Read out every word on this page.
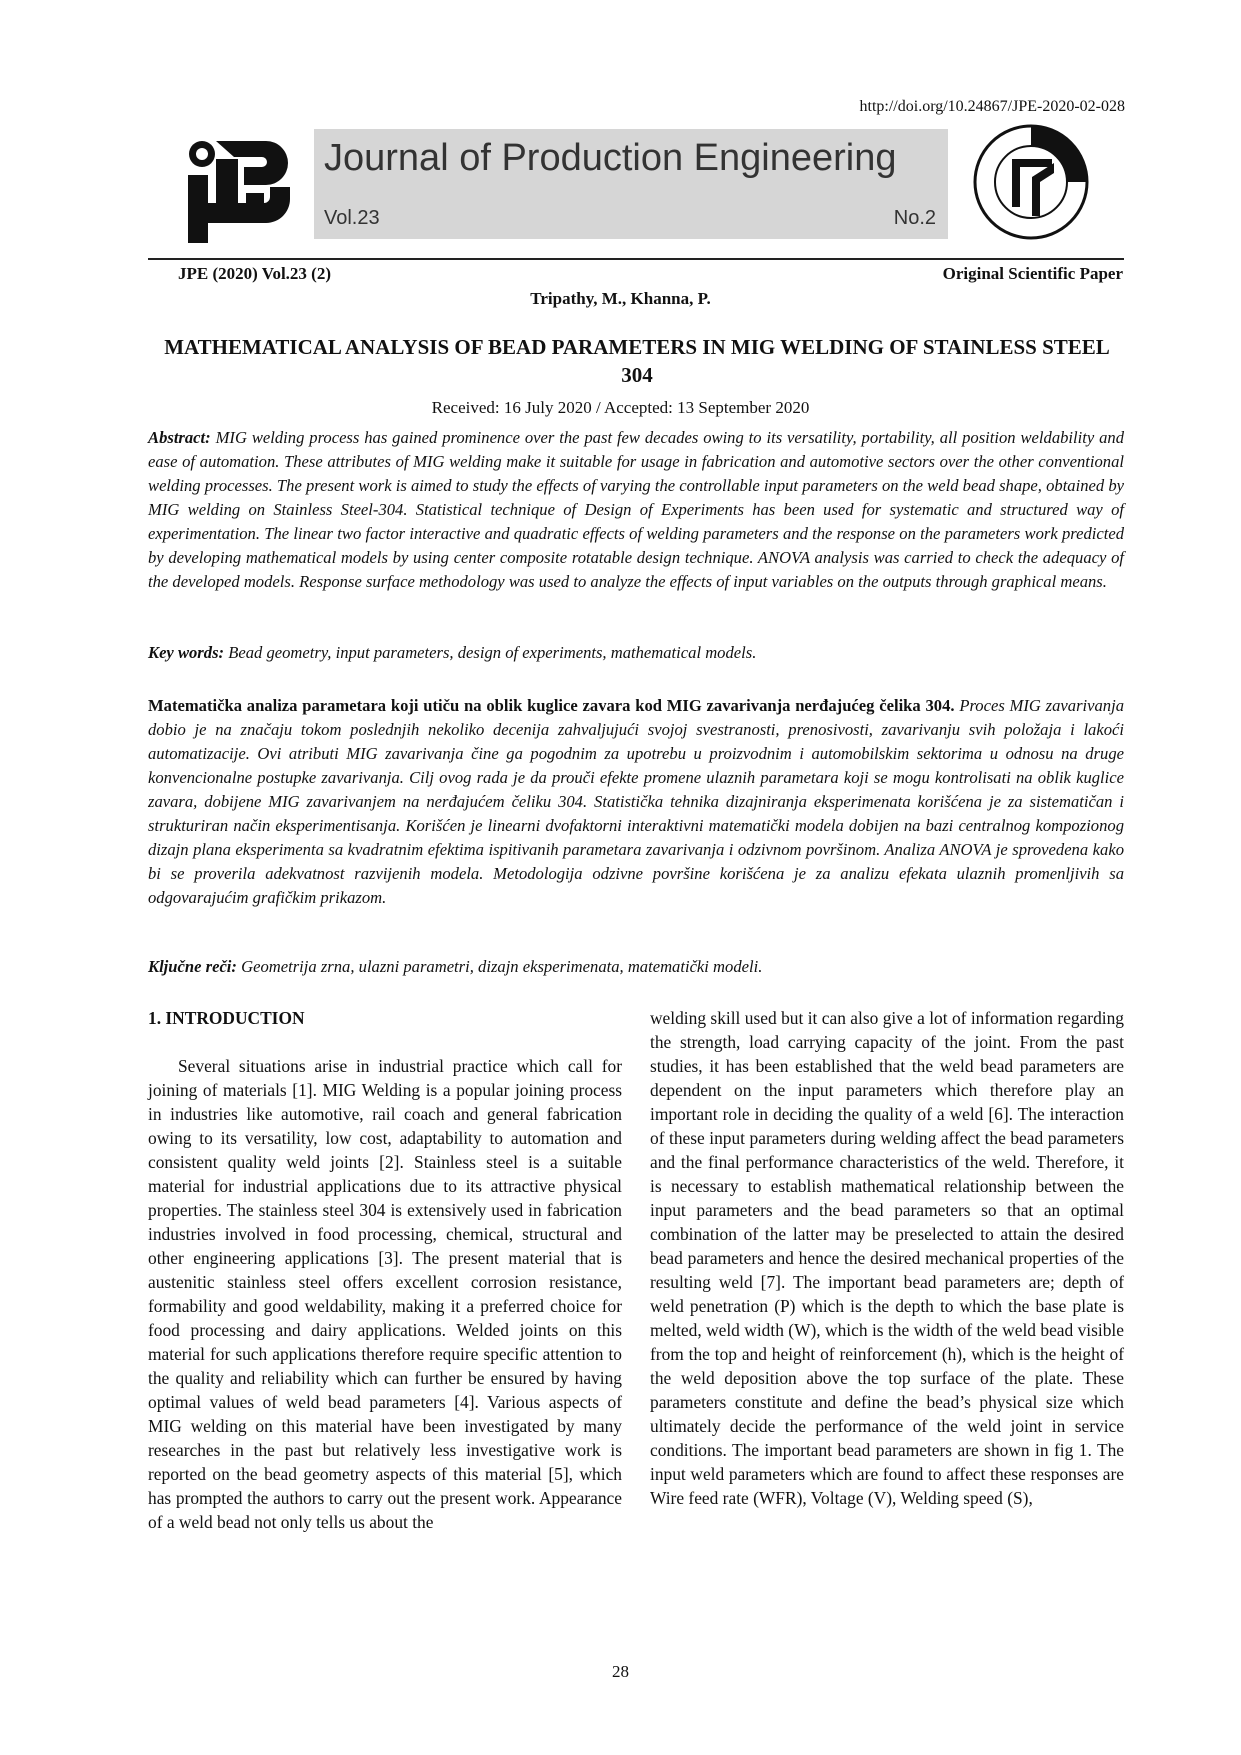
http://doi.org/10.24867/JPE-2020-02-028
Journal of Production Engineering
Vol.23	No.2
JPE (2020) Vol.23 (2)	Original Scientific Paper
Tripathy, M., Khanna, P.
MATHEMATICAL ANALYSIS OF BEAD PARAMETERS IN MIG WELDING OF STAINLESS STEEL 304
Received: 16 July 2020 / Accepted: 13 September 2020
Abstract: MIG welding process has gained prominence over the past few decades owing to its versatility, portability, all position weldability and ease of automation. These attributes of MIG welding make it suitable for usage in fabrication and automotive sectors over the other conventional welding processes. The present work is aimed to study the effects of varying the controllable input parameters on the weld bead shape, obtained by MIG welding on Stainless Steel-304. Statistical technique of Design of Experiments has been used for systematic and structured way of experimentation. The linear two factor interactive and quadratic effects of welding parameters and the response on the parameters work predicted by developing mathematical models by using center composite rotatable design technique. ANOVA analysis was carried to check the adequacy of the developed models. Response surface methodology was used to analyze the effects of input variables on the outputs through graphical means.
Key words: Bead geometry, input parameters, design of experiments, mathematical models.
Matematička analiza parametara koji utiču na oblik kuglice zavara kod MIG zavarivanja nerđajućeg čelika 304. Proces MIG zavarivanja dobio je na značaju tokom poslednjih nekoliko decenija zahvaljujući svojoj svestranosti, prenosivosti, zavarivanju svih položaja i lakoći automatizacije. Ovi atributi MIG zavarivanja čine ga pogodnim za upotrebu u proizvodnim i automobilskim sektorima u odnosu na druge konvencionalne postupke zavarivanja. Cilj ovog rada je da prouči efekte promene ulaznih parametara koji se mogu kontrolisati na oblik kuglice zavara, dobijene MIG zavarivanjem na nerđajućem čeliku 304. Statistička tehnika dizajniranja eksperimenata korišćena je za sistematičan i strukturiran način eksperimentisanja. Korišćen je linearni dvofaktorni interaktivni matematički modela dobijen na bazi centralnog kompozionog dizajn plana eksperimenta sa kvadratnim efektima ispitivanih parametara zavarivanja i odzivnom površinom. Analiza ANOVA je sprovedena kako bi se proverila adekvatnost razvijenih modela. Metodologija odzivne površine korišćena je za analizu efekata ulaznih promenljivih sa odgovarajućim grafičkim prikazom.
Ključne reči: Geometrija zrna, ulazni parametri, dizajn eksperimenata, matematički modeli.
1. INTRODUCTION

Several situations arise in industrial practice which call for joining of materials [1]. MIG Welding is a popular joining process in industries like automotive, rail coach and general fabrication owing to its versatility, low cost, adaptability to automation and consistent quality weld joints [2]. Stainless steel is a suitable material for industrial applications due to its attractive physical properties. The stainless steel 304 is extensively used in fabrication industries involved in food processing, chemical, structural and other engineering applications [3]. The present material that is austenitic stainless steel offers excellent corrosion resistance, formability and good weldability, making it a preferred choice for food processing and dairy applications. Welded joints on this material for such applications therefore require specific attention to the quality and reliability which can further be ensured by having optimal values of weld bead parameters [4]. Various aspects of MIG welding on this material have been investigated by many researches in the past but relatively less investigative work is reported on the bead geometry aspects of this material [5], which has prompted the authors to carry out the present work. Appearance of a weld bead not only tells us about the

welding skill used but it can also give a lot of information regarding the strength, load carrying capacity of the joint. From the past studies, it has been established that the weld bead parameters are dependent on the input parameters which therefore play an important role in deciding the quality of a weld [6]. The interaction of these input parameters during welding affect the bead parameters and the final performance characteristics of the weld. Therefore, it is necessary to establish mathematical relationship between the input parameters and the bead parameters so that an optimal combination of the latter may be preselected to attain the desired bead parameters and hence the desired mechanical properties of the resulting weld [7]. The important bead parameters are; depth of weld penetration (P) which is the depth to which the base plate is melted, weld width (W), which is the width of the weld bead visible from the top and height of reinforcement (h), which is the height of the weld deposition above the top surface of the plate. These parameters constitute and define the bead’s physical size which ultimately decide the performance of the weld joint in service conditions. The important bead parameters are shown in fig 1. The input weld parameters which are found to affect these responses are Wire feed rate (WFR), Voltage (V), Welding speed (S),

28
